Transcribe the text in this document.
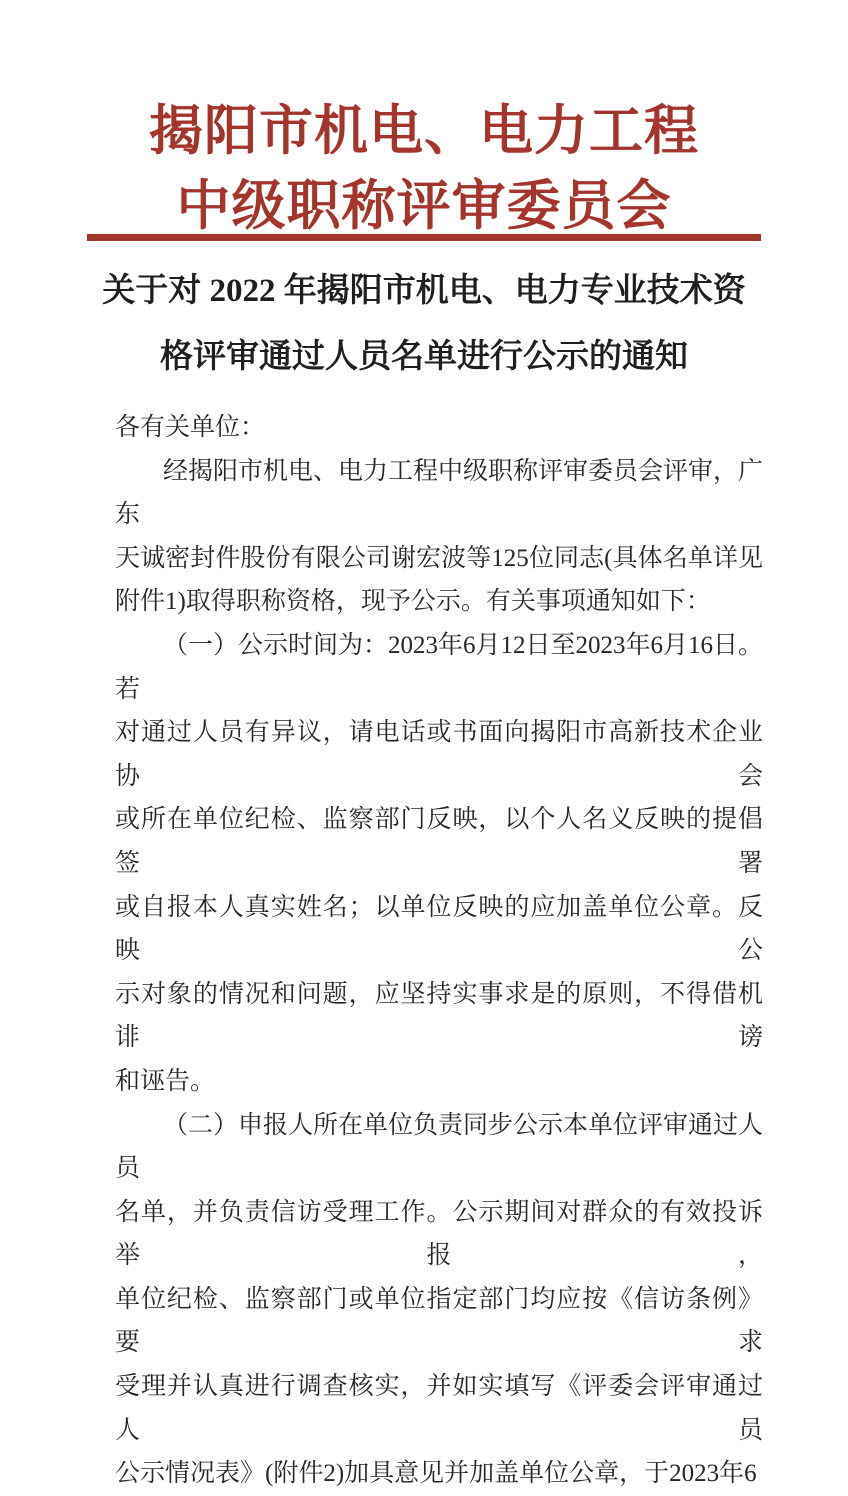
揭阳市机电、电力工程
中级职称评审委员会
关于对 2022 年揭阳市机电、电力专业技术资
格评审通过人员名单进行公示的通知
各有关单位：
经揭阳市机电、电力工程中级职称评审委员会评审，广东
天诚密封件股份有限公司谢宏波等125位同志(具体名单详见
附件1)取得职称资格，现予公示。有关事项通知如下：
（一）公示时间为：2023年6月12日至2023年6月16日。若
对通过人员有异议，请电话或书面向揭阳市高新技术企业协会
或所在单位纪检、监察部门反映，以个人名义反映的提倡签署
或自报本人真实姓名；以单位反映的应加盖单位公章。反映公
示对象的情况和问题，应坚持实事求是的原则，不得借机诽谤
和诬告。
（二）申报人所在单位负责同步公示本单位评审通过人员
名单，并负责信访受理工作。公示期间对群众的有效投诉举报，
单位纪检、监察部门或单位指定部门均应按《信访条例》要求
受理并认真进行调查核实，并如实填写《评委会评审通过人员
公示情况表》(附件2)加具意见并加盖单位公章，于2023年6
